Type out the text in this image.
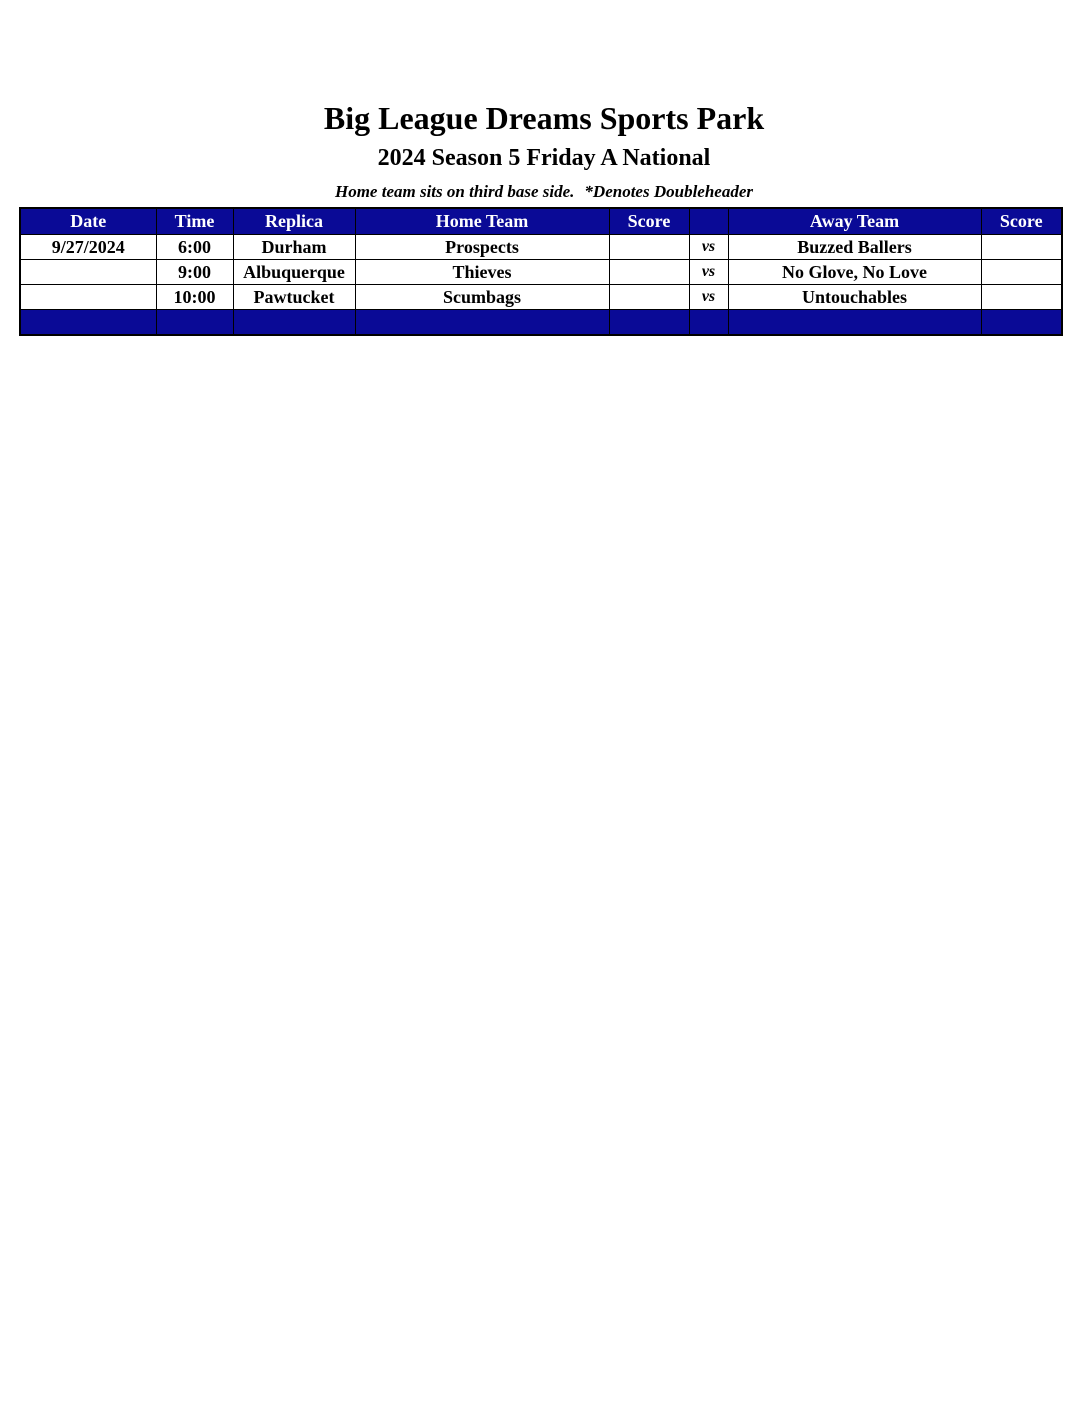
Big League Dreams Sports Park
2024 Season 5 Friday A National
Home team sits on third base side. *Denotes Doubleheader
Date	Time	Replica	Home Team	Score		Away Team	Score
9/27/2024	6:00	Durham	Prospects		vs	Buzzed Ballers	
	9:00	Albuquerque	Thieves		vs	No Glove, No Love	
	10:00	Pawtucket	Scumbags		vs	Untouchables	
